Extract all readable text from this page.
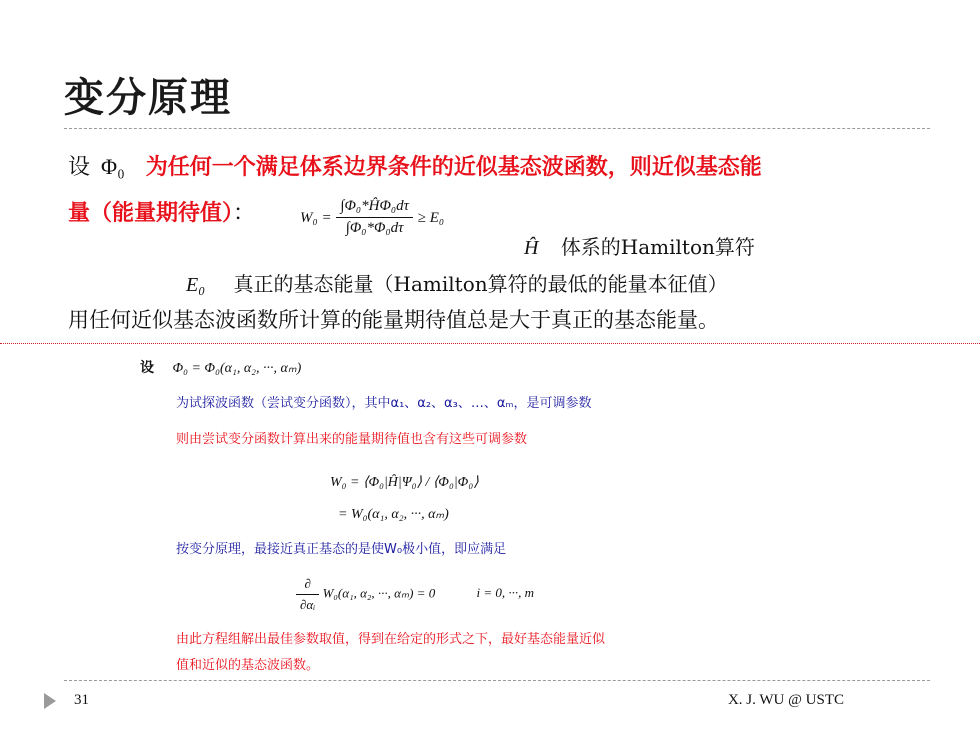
变分原理
设 Φ₀ 为任何一个满足体系边界条件的近似基态波函数，则近似基态能
量（能量期待值）：	$W_0 = \frac{\text{∫Φ₀*ĤΦ₀dτ}}{\text{∫Φ₀*Φ₀dτ}} \ge E_0$
Ĥ 体系的Hamilton算符
E₀ 真正的基态能量（Hamilton算符的最低的能量本征值）
用任何近似基态波函数所计算的能量期待值总是大于真正的基态能量。
设 Φ₀ = Φ₀(α₁, α₂, ···, αₘ)
为试探波函数（尝试变分函数），其中α₁、α₂、α₃、…、αₘ，是可调参数
则由尝试变分函数计算出来的能量期待值也含有这些可调参数
W₀ = ⟨Φ₀|Ĥ|Ψ₀⟩ / ⟨Φ₀|Φ₀⟩
= W₀(α₁, α₂, ···, αₘ)
按变分原理，最接近真正基态的是使W₀极小值，即应满足
$\frac{\partial}{\text{∂αᵢ}} W_0(\alpha_1$, α₂, ···, αₘ) = 0	i = 0, ···, m
由此方程组解出最佳参数取值，得到在给定的形式之下，最好基态能量近似
值和近似的基态波函数。
31	X. J. WU @ USTC
